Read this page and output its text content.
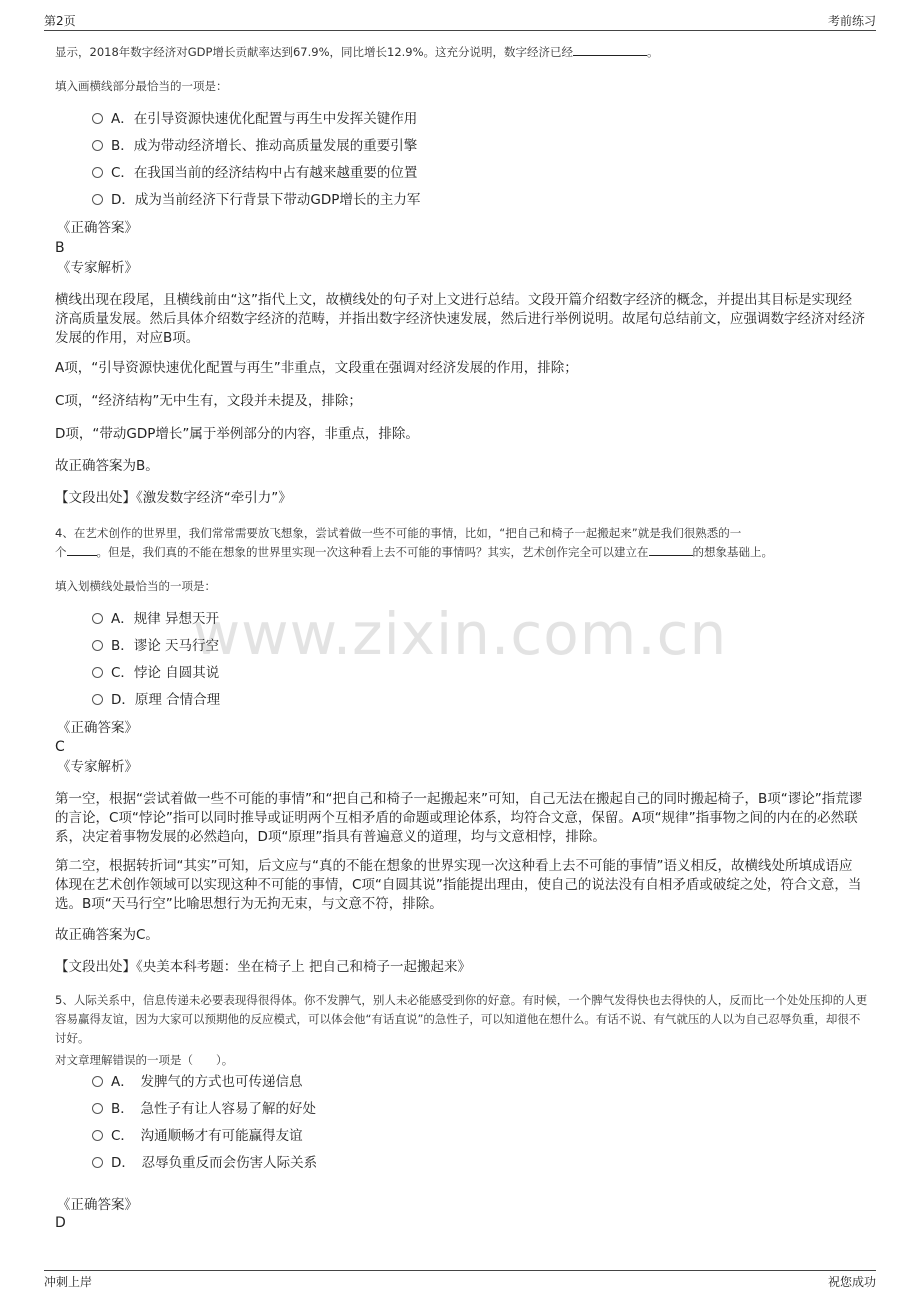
www.zixin.com.cn
第2页	考前练习
显示，2018年数字经济对GDP增长贡献率达到67.9%，同比增长12.9%。这充分说明，数字经济已经	。
填入画横线部分最恰当的一项是：
A．在引导资源快速优化配置与再生中发挥关键作用
B．成为带动经济增长、推动高质量发展的重要引擎
C．在我国当前的经济结构中占有越来越重要的位置
D．成为当前经济下行背景下带动GDP增长的主力军
《正确答案》
B
《专家解析》
横线出现在段尾，且横线前由“这”指代上文，故横线处的句子对上文进行总结。文段开篇介绍数字经济的概念，并提出其目标是实现经济高质量发展。然后具体介绍数字经济的范畴，并指出数字经济快速发展，然后进行举例说明。故尾句总结前文，应强调数字经济对经济发展的作用，对应B项。
A项，“引导资源快速优化配置与再生”非重点，文段重在强调对经济发展的作用，排除；
C项，“经济结构”无中生有，文段并未提及，排除；
D项，“带动GDP增长”属于举例部分的内容，非重点，排除。
故正确答案为B。
【文段出处】《激发数字经济“牵引力”》
4、在艺术创作的世界里，我们常常需要放飞想象，尝试着做一些不可能的事情，比如，“把自己和椅子一起搬起来”就是我们很熟悉的一
个	。但是，我们真的不能在想象的世界里实现一次这种看上去不可能的事情吗？其实，艺术创作完全可以建立在	的想象基础上。
填入划横线处最恰当的一项是：
A．规律 异想天开
B．谬论 天马行空
C．悖论 自圆其说
D．原理 合情合理
《正确答案》
C
《专家解析》
第一空，根据“尝试着做一些不可能的事情”和“把自己和椅子一起搬起来”可知，自己无法在搬起自己的同时搬起椅子，B项“谬论”指荒谬的言论，C项“悖论”指可以同时推导或证明两个互相矛盾的命题或理论体系，均符合文意，保留。A项“规律”指事物之间的内在的必然联系，决定着事物发展的必然趋向，D项“原理”指具有普遍意义的道理，均与文意相悖，排除。
第二空，根据转折词“其实”可知，后文应与“真的不能在想象的世界实现一次这种看上去不可能的事情”语义相反，故横线处所填成语应体现在艺术创作领域可以实现这种不可能的事情，C项“自圆其说”指能提出理由，使自己的说法没有自相矛盾或破绽之处，符合文意，当选。B项“天马行空”比喻思想行为无拘无束，与文意不符，排除。
故正确答案为C。
【文段出处】《央美本科考题：坐在椅子上 把自己和椅子一起搬起来》
5、人际关系中，信息传递未必要表现得很得体。你不发脾气，别人未必能感受到你的好意。有时候，一个脾气发得快也去得快的人，反而比一个处处压抑的人更容易赢得友谊，因为大家可以预期他的反应模式，可以体会他“有话直说”的急性子，可以知道他在想什么。有话不说、有气就压的人以为自己忍辱负重，却很不讨好。
对文章理解错误的一项是（　　）。
A．　发脾气的方式也可传递信息
B．　急性子有让人容易了解的好处
C．　沟通顺畅才有可能赢得友谊
D．　忍辱负重反而会伤害人际关系
《正确答案》
D
冲刺上岸	祝您成功
